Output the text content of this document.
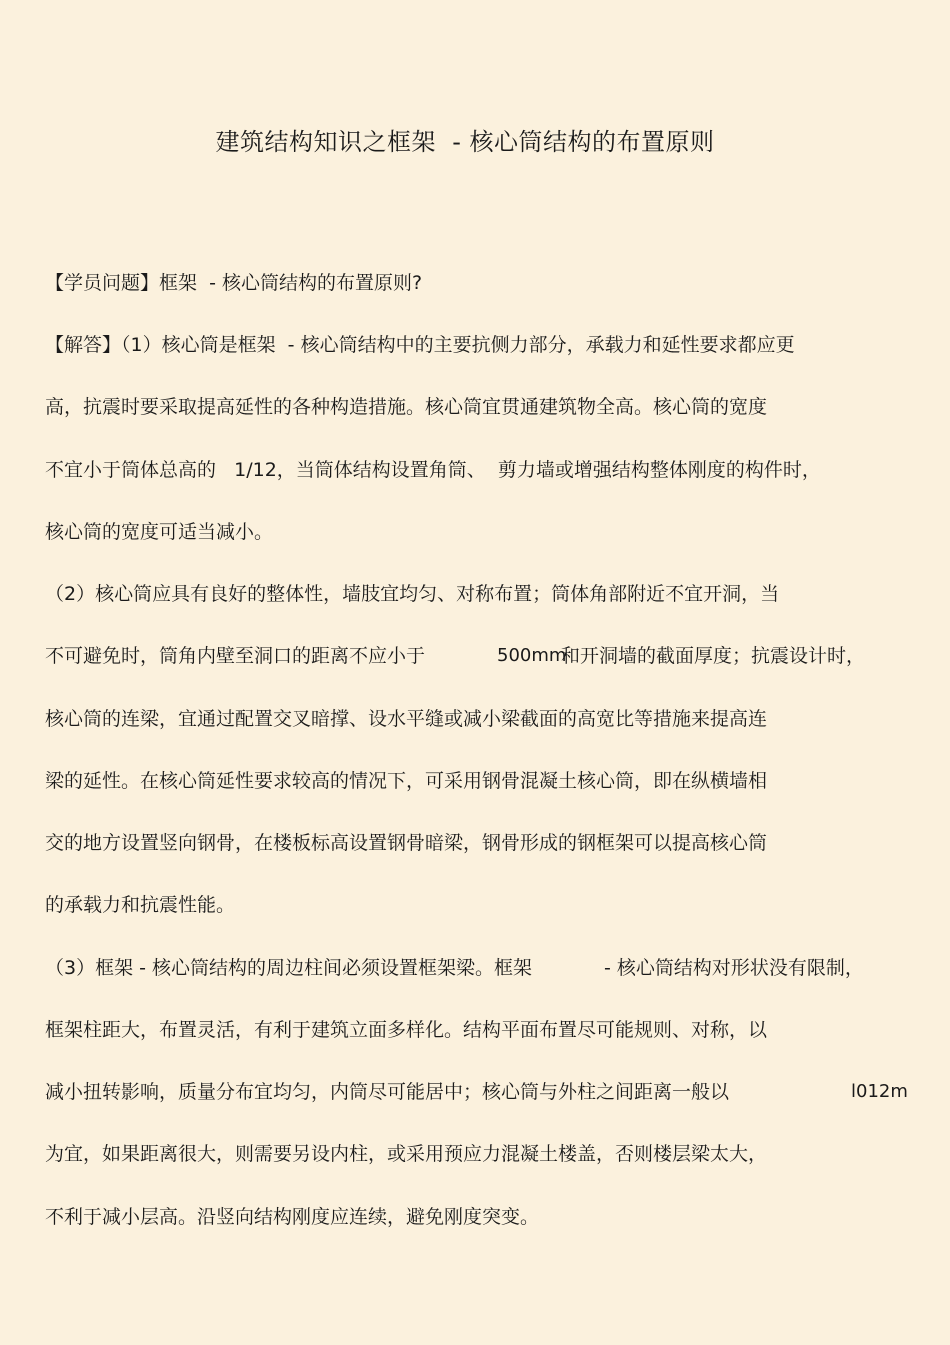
建筑结构知识之框架  - 核心筒结构的布置原则
【学员问题】框架  - 核心筒结构的布置原则?
【解答】（1）核心筒是框架  - 核心筒结构中的主要抗侧力部分，承载力和延性要求都应更
高，抗震时要采取提高延性的各种构造措施。核心筒宜贯通建筑物全高。核心筒的宽度
不宜小于筒体总高的   1/12，当筒体结构设置角筒、  剪力墙或增强结构整体刚度的构件时，
核心筒的宽度可适当减小。
（2）核心筒应具有良好的整体性，墙肢宜均匀、对称布置；筒体角部附近不宜开洞，当
不可避免时，筒角内壁至洞口的距离不应小于	500mm
和开洞墙的截面厚度；抗震设计时，
核心筒的连梁，宜通过配置交叉暗撑、设水平缝或减小梁截面的高宽比等措施来提高连
梁的延性。在核心筒延性要求较高的情况下，可采用钢骨混凝土核心筒，即在纵横墙相
交的地方设置竖向钢骨，在楼板标高设置钢骨暗梁，钢骨形成的钢框架可以提高核心筒
的承载力和抗震性能。
（3）框架 - 核心筒结构的周边柱间必须设置框架梁。框架	- 核心筒结构对形状没有限制，
框架柱距大，布置灵活，有利于建筑立面多样化。结构平面布置尽可能规则、对称，以
减小扭转影响，质量分布宜均匀，内筒尽可能居中；核心筒与外柱之间距离一般以	l012m
为宜，如果距离很大，则需要另设内柱，或采用预应力混凝土楼盖，否则楼层梁太大，
不利于减小层高。沿竖向结构刚度应连续，避免刚度突变。
